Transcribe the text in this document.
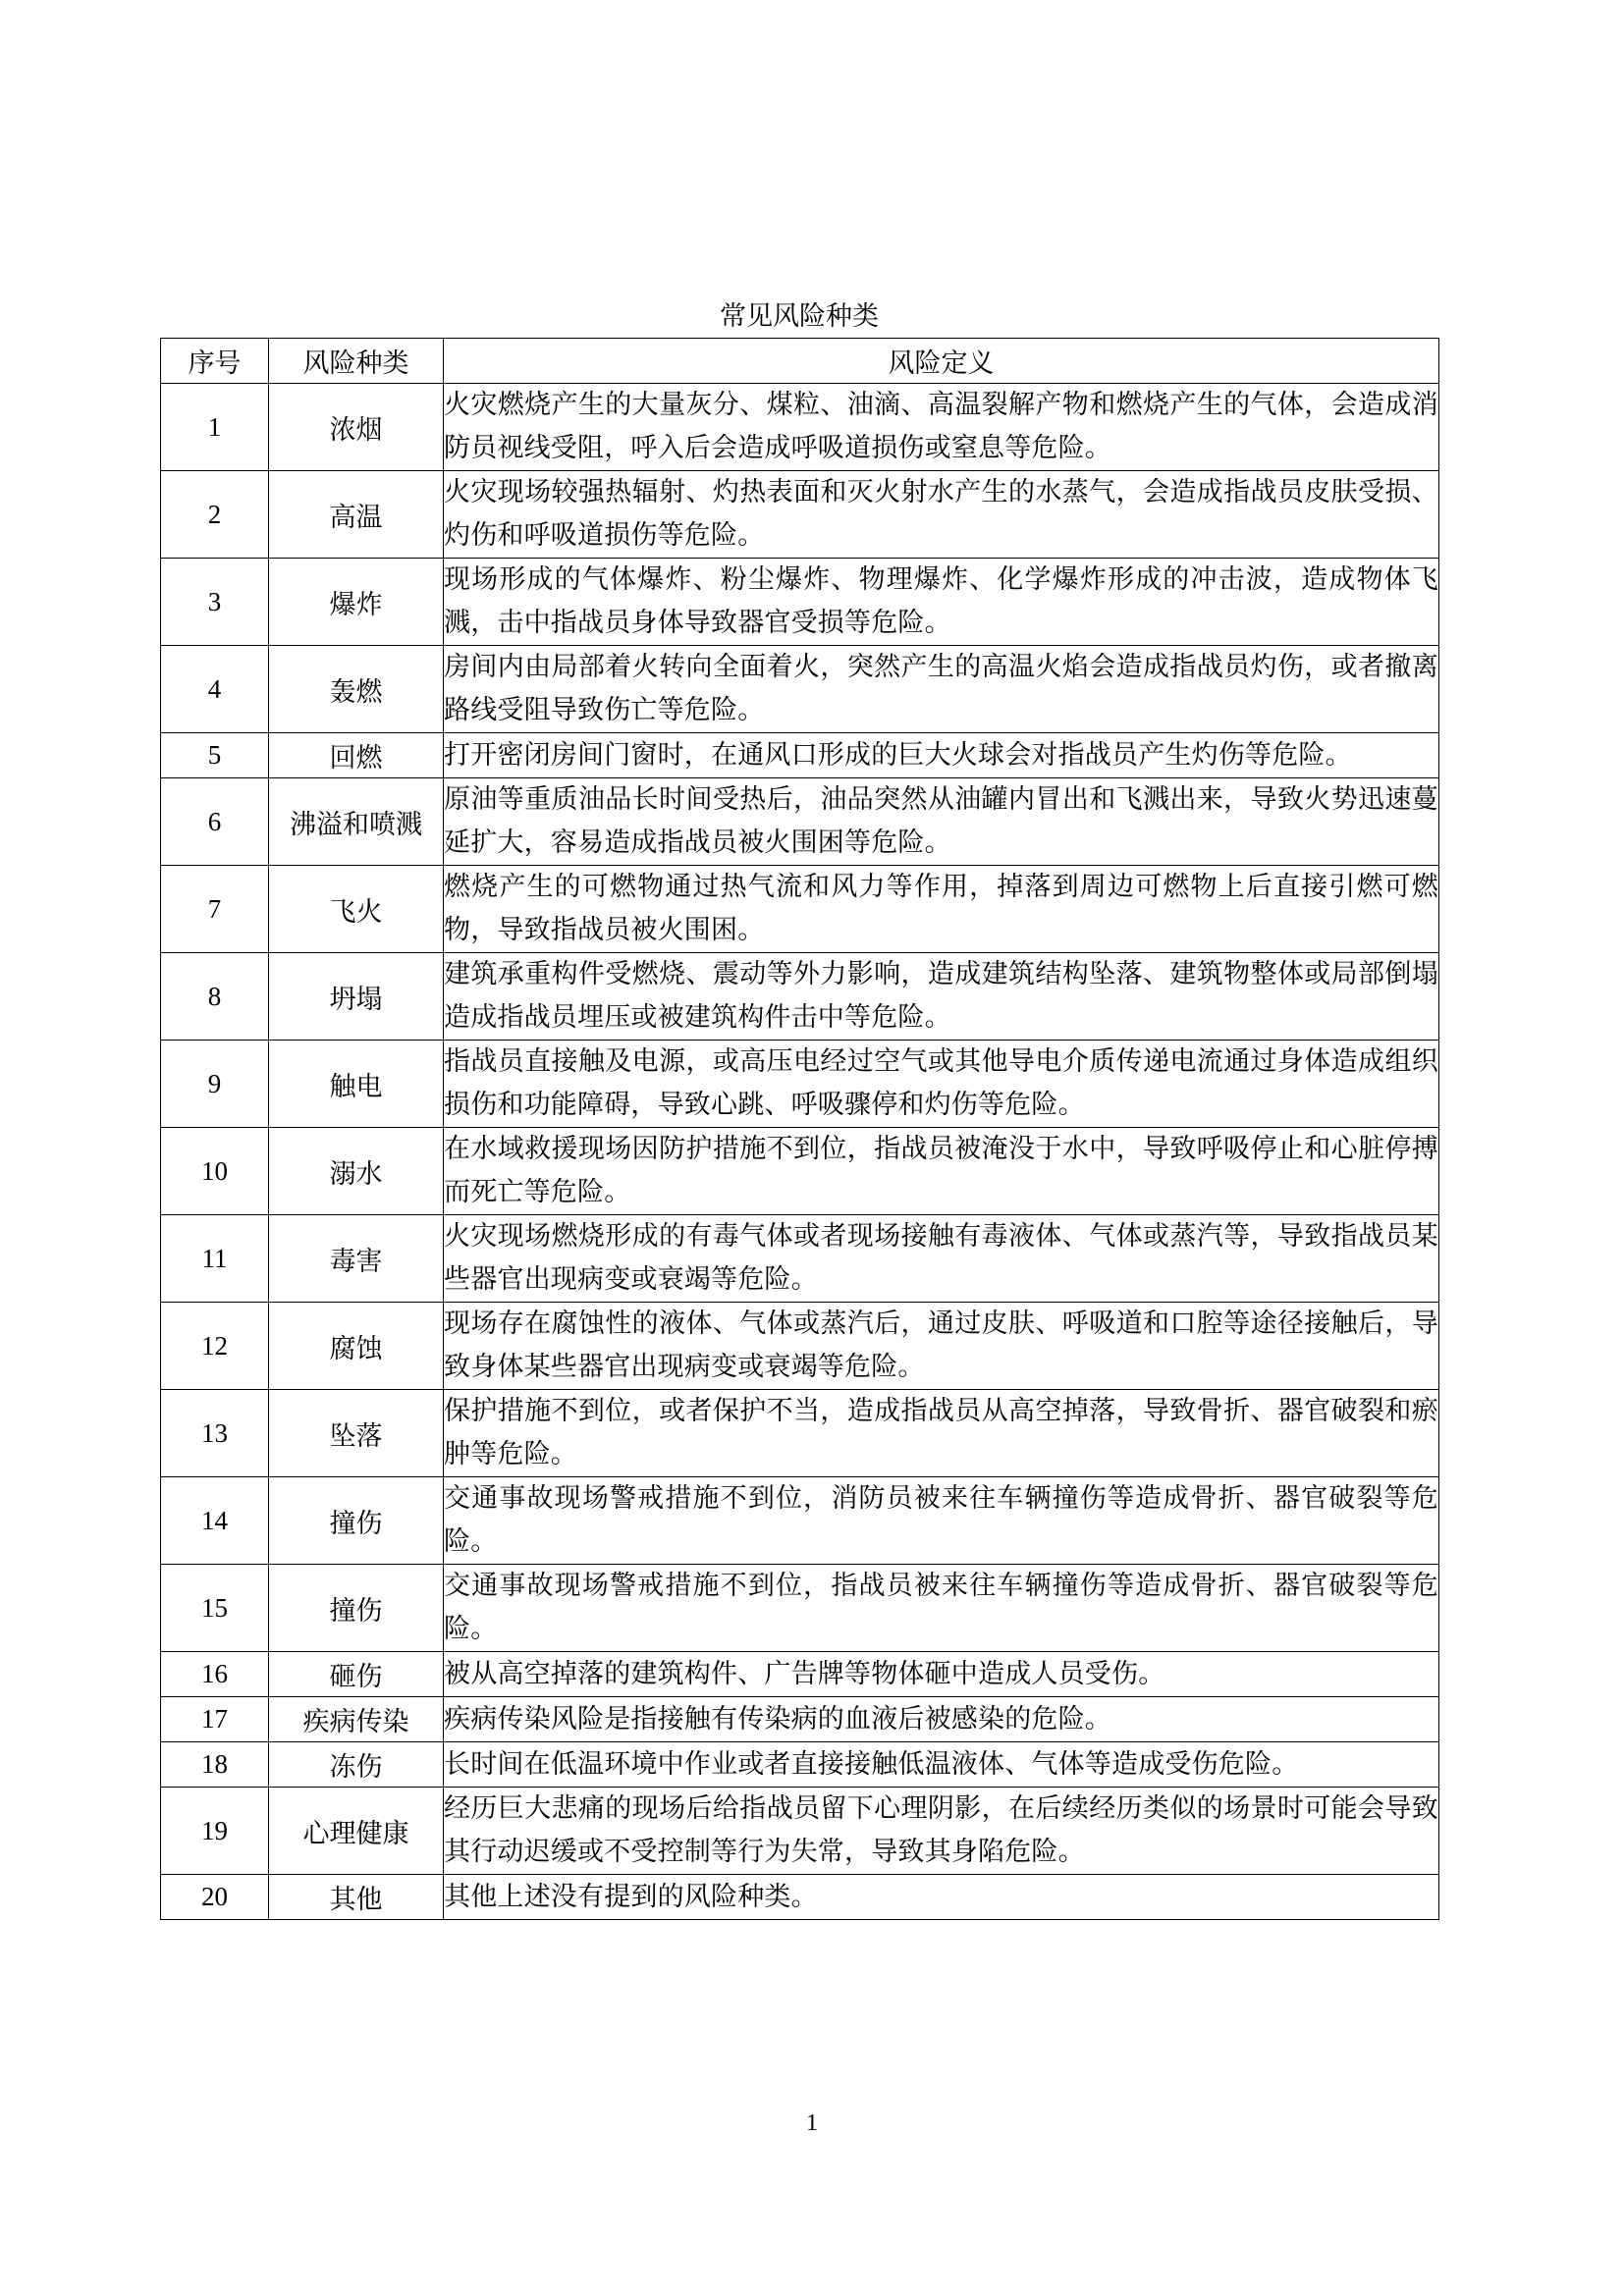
常见风险种类
序号	风险种类	风险定义
1	浓烟	火灾燃烧产生的大量灰分、煤粒、油滴、高温裂解产物和燃烧产生的气体，会造成消防员视线受阻，呼入后会造成呼吸道损伤或窒息等危险。
2	高温	火灾现场较强热辐射、灼热表面和灭火射水产生的水蒸气，会造成指战员皮肤受损、灼伤和呼吸道损伤等危险。
3	爆炸	现场形成的气体爆炸、粉尘爆炸、物理爆炸、化学爆炸形成的冲击波，造成物体飞溅，击中指战员身体导致器官受损等危险。
4	轰燃	房间内由局部着火转向全面着火，突然产生的高温火焰会造成指战员灼伤，或者撤离路线受阻导致伤亡等危险。
5	回燃	打开密闭房间门窗时，在通风口形成的巨大火球会对指战员产生灼伤等危险。
6	沸溢和喷溅	原油等重质油品长时间受热后，油品突然从油罐内冒出和飞溅出来，导致火势迅速蔓延扩大，容易造成指战员被火围困等危险。
7	飞火	燃烧产生的可燃物通过热气流和风力等作用，掉落到周边可燃物上后直接引燃可燃物，导致指战员被火围困。
8	坍塌	建筑承重构件受燃烧、震动等外力影响，造成建筑结构坠落、建筑物整体或局部倒塌造成指战员埋压或被建筑构件击中等危险。
9	触电	指战员直接触及电源，或高压电经过空气或其他导电介质传递电流通过身体造成组织损伤和功能障碍，导致心跳、呼吸骤停和灼伤等危险。
10	溺水	在水域救援现场因防护措施不到位，指战员被淹没于水中，导致呼吸停止和心脏停搏而死亡等危险。
11	毒害	火灾现场燃烧形成的有毒气体或者现场接触有毒液体、气体或蒸汽等，导致指战员某些器官出现病变或衰竭等危险。
12	腐蚀	现场存在腐蚀性的液体、气体或蒸汽后，通过皮肤、呼吸道和口腔等途径接触后，导致身体某些器官出现病变或衰竭等危险。
13	坠落	保护措施不到位，或者保护不当，造成指战员从高空掉落，导致骨折、器官破裂和瘀肿等危险。
14	撞伤	交通事故现场警戒措施不到位，消防员被来往车辆撞伤等造成骨折、器官破裂等危险。
15	撞伤	交通事故现场警戒措施不到位，指战员被来往车辆撞伤等造成骨折、器官破裂等危险。
16	砸伤	被从高空掉落的建筑构件、广告牌等物体砸中造成人员受伤。
17	疾病传染	疾病传染风险是指接触有传染病的血液后被感染的危险。
18	冻伤	长时间在低温环境中作业或者直接接触低温液体、气体等造成受伤危险。
19	心理健康	经历巨大悲痛的现场后给指战员留下心理阴影，在后续经历类似的场景时可能会导致其行动迟缓或不受控制等行为失常，导致其身陷危险。
20	其他	其他上述没有提到的风险种类。
1
